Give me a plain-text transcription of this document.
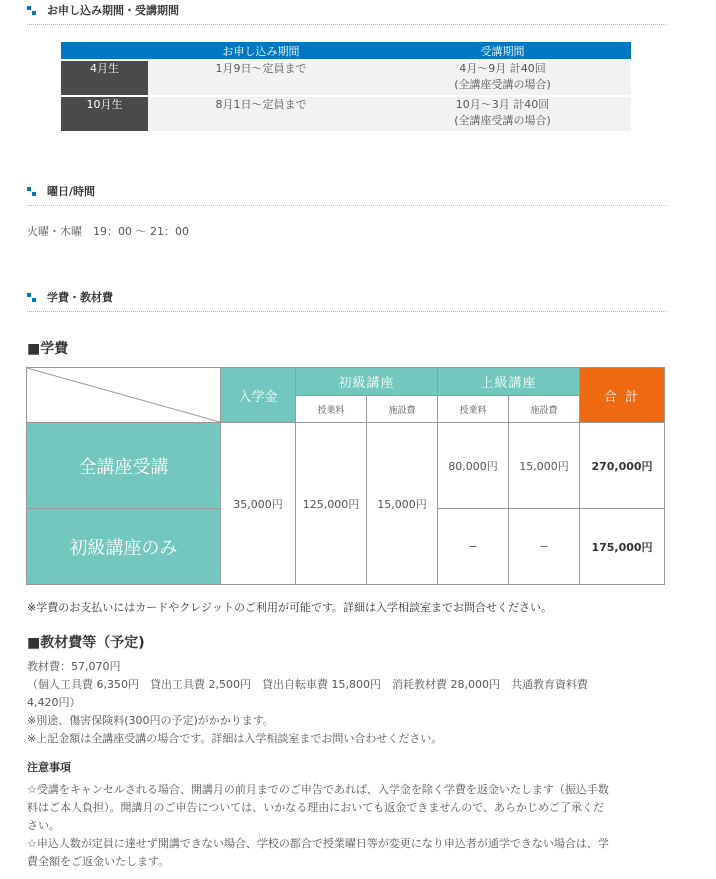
お申し込み期間・受講期間
	お申し込み期間	受講期間
4月生	1月9日〜定員まで	4月〜9月 計40回
(全講座受講の場合)

10月生	8月1日〜定員まで	10月〜3月 計40回
(全講座受講の場合)
曜日/時間
火曜・木曜　19：00 〜 21：00
学費・教材費
■学費
	入学金	初級講座		上級講座		合 計
		授業料	施設費	授業料	施設費	
全講座受講	35,000円	125,000円	15,000円	80,000円	15,000円	270,000円
初級講座のみ				−	−	175,000円
※学費のお支払いにはカードやクレジットのご利用が可能です。詳細は入学相談室までお問合せください。
■教材費等（予定)
教材費：57,070円
（個人工具費 6,350円　貸出工具費 2,500円　貸出自転車費 15,800円　消耗教材費 28,000円　共通教育資料費
4,420円）
※別途、傷害保険料(300円の予定)がかかります。
※上記金額は全講座受講の場合です。詳細は入学相談室までお問い合わせください。
注意事項
☆受講をキャンセルされる場合、開講月の前月までのご申告であれば、入学金を除く学費を返金いたします（振込手数
料はご本人負担）。開講月のご申告については、いかなる理由においても返金できませんので、あらかじめご了承くだ
さい。
☆申込人数が定員に達せず開講できない場合、学校の都合で授業曜日等が変更になり申込者が通学できない場合は、学
費全額をご返金いたします。
